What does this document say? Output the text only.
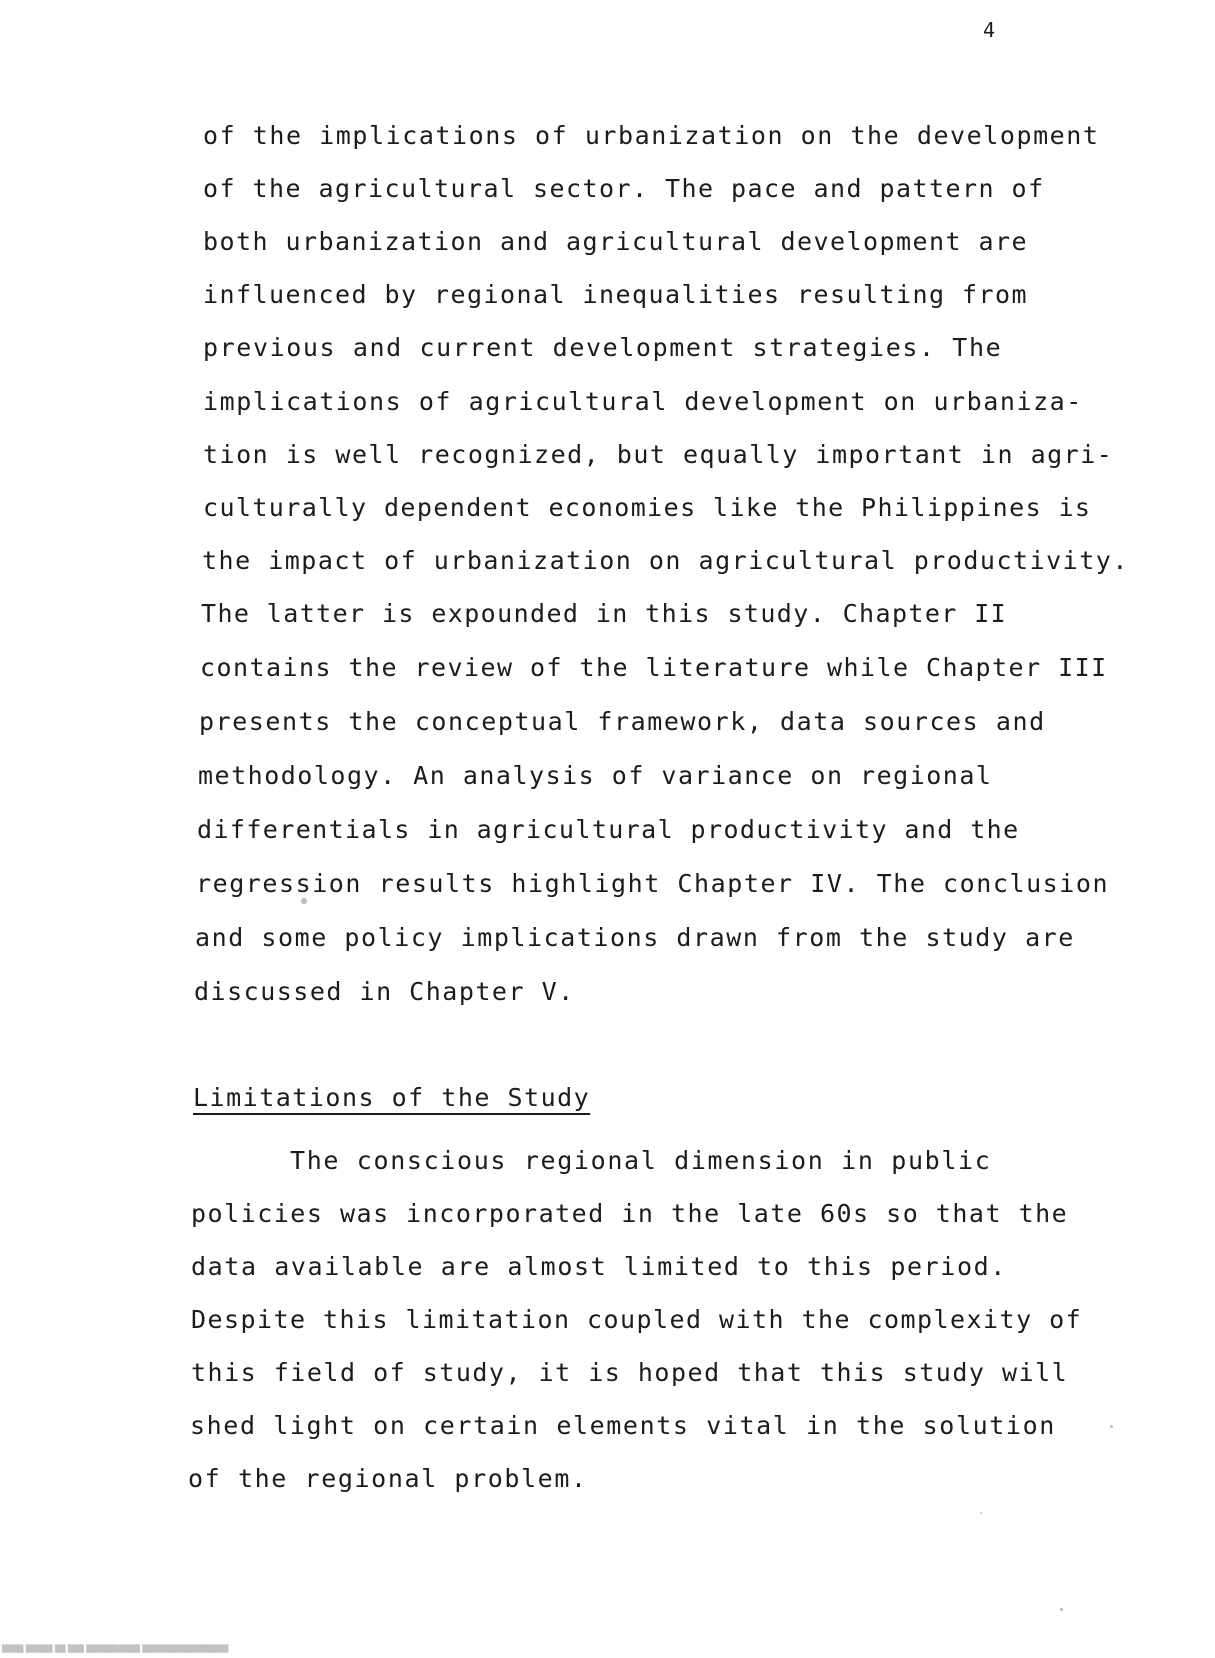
4
of the implications of urbanization on the development
of the agricultural sector. The pace and pattern of
both urbanization and agricultural development are
influenced by regional inequalities resulting from
previous and current development strategies. The
implications of agricultural development on urbaniza-
tion is well recognized, but equally important in agri-
culturally dependent economies like the Philippines is
the impact of urbanization on agricultural productivity.
The latter is expounded in this study. Chapter II
contains the review of the literature while Chapter III
presents the conceptual framework, data sources and
methodology. An analysis of variance on regional
differentials in agricultural productivity and the
regression results highlight Chapter IV. The conclusion
and some policy implications drawn from the study are
discussed in Chapter V.
Limitations of the Study
The conscious regional dimension in public
policies was incorporated in the late 60s so that the
data available are almost limited to this period.
Despite this limitation coupled with the complexity of
this field of study, it is hoped that this study will
shed light on certain elements vital in the solution
of the regional problem.
▒▒▒▒ ▒▒▒▒▒ ▒▒ ▒▒▒ ▒▒▒▒▒▒▒▒▒▒ ▒▒▒▒▒▒▒▒▒▒▒▒▒▒▒▒
